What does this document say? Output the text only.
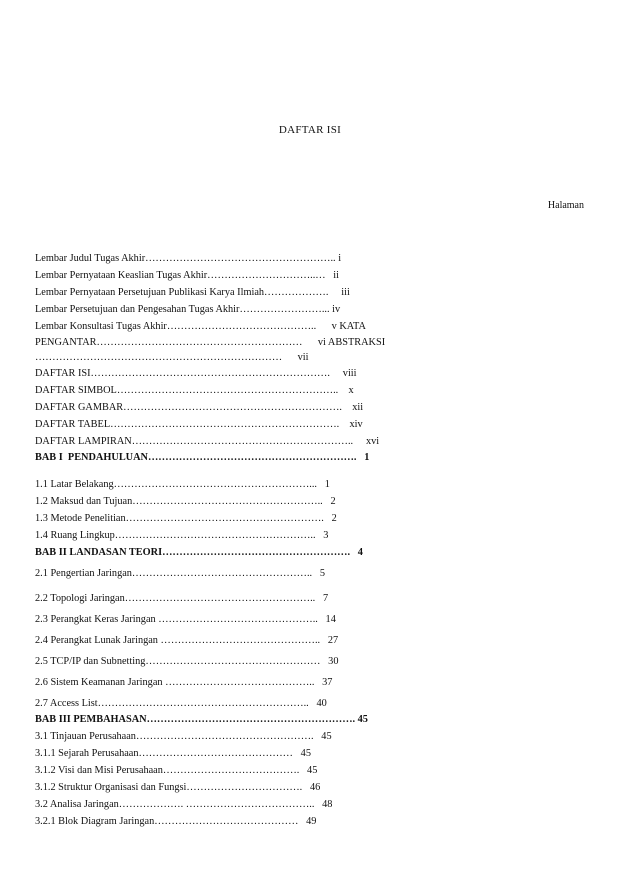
DAFTAR ISI
Halaman
Lembar Judul Tugas Akhir……………………………………………….. i
Lembar Pernyataan Keaslian Tugas Akhir…………………………..…   ii
Lembar Pernyataan Persetujuan Publikasi Karya Ilmiah……………….     iii
Lembar Persetujuan dan Pengesahan Tugas Akhir……………………... iv
Lembar Konsultasi Tugas Akhir……………………………………..      v KATA
PENGANTAR……………………………………………………      vi ABSTRAKSI
………………………………………………………………      vii
DAFTAR ISI…………………………………………………………….     viii
DAFTAR SIMBOL………………………………………………………..    x
DAFTAR GAMBAR……………………………………………………….    xii
DAFTAR TABEL………………………………………………………….    xiv
DAFTAR LAMPIRAN………………………………………………………..     xvi
BAB I  PENDAHULUAN…………………………………………………….   1
1.1 Latar Belakang…………………………………………………...   1
1.2 Maksud dan Tujuan………………………………………………..   2
1.3 Metode Penelitian………………………………………………….   2
1.4 Ruang Lingkup…………………………………………………..   3
BAB II LANDASAN TEORI……………………………………………….   4
2.1 Pengertian Jaringan……………………………………………..   5
2.2 Topologi Jaringan………………………………………………..   7
2.3 Perangkat Keras Jaringan ………………………………………..   14
2.4 Perangkat Lunak Jaringan ………………………………………..   27
2.5 TCP/IP dan Subnetting……………………………………………   30
2.6 Sistem Keamanan Jaringan ……………………………………..   37
2.7 Access List……………………………………………………..   40
BAB III PEMBAHASAN……………………………………………………. 45
3.1 Tinjauan Perusahaan…………………………………………….   45
3.1.1 Sejarah Perusahaan………………………………………   45
3.1.2 Visi dan Misi Perusahaan………………………………….   45
3.1.2 Struktur Organisasi dan Fungsi…………………………….   46
3.2 Analisa Jaringan………………. ………………………………..   48
3.2.1 Blok Diagram Jaringan……………………………………   49
